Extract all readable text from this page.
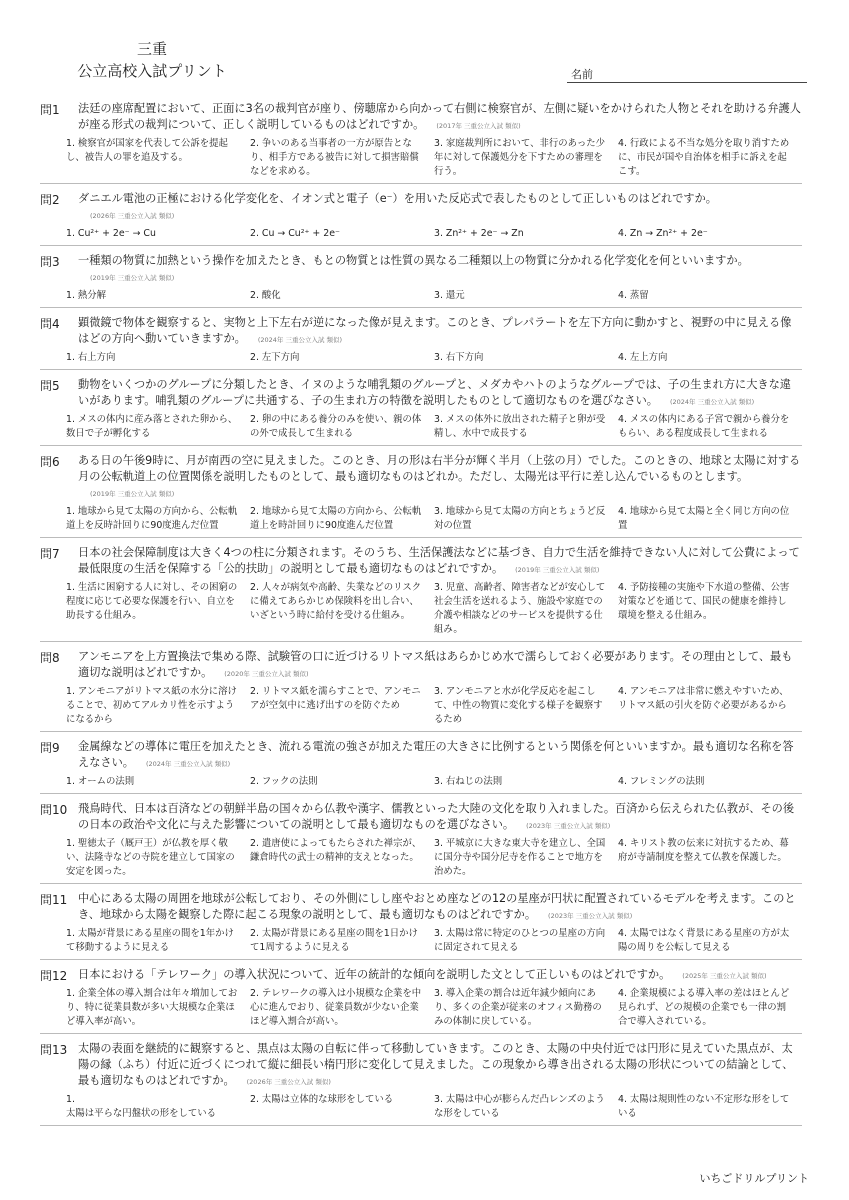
三重
公立高校入試プリント	名前
問1	法廷の座席配置において、正面に3名の裁判官が座り、傍聴席から向かって右側に検察官が、左側に疑いをかけられた人物とそれを助ける弁護人が座る形式の裁判について、正しく説明しているものはどれですか。 (2017年 三重公立入試 類似)
1. 検察官が国家を代表して公訴を提起し、被告人の罪を追及する。
2. 争いのある当事者の一方が原告となり、相手方である被告に対して損害賠償などを求める。
3. 家庭裁判所において、非行のあった少年に対して保護処分を下すための審理を行う。
4. 行政による不当な処分を取り消すために、市民が国や自治体を相手に訴えを起こす。
問2	ダニエル電池の正極における化学変化を、イオン式と電子（e⁻）を用いた反応式で表したものとして正しいものはどれですか。(2026年 三重公立入試 類似)
1. Cu²⁺ + 2e⁻ → Cu	2. Cu → Cu²⁺ + 2e⁻	3. Zn²⁺ + 2e⁻ → Zn	4. Zn → Zn²⁺ + 2e⁻
問3	一種類の物質に加熱という操作を加えたとき、もとの物質とは性質の異なる二種類以上の物質に分かれる化学変化を何といいますか。(2019年 三重公立入試 類似)
1. 熱分解	2. 酸化	3. 還元	4. 蒸留
問4	顕微鏡で物体を観察すると、実物と上下左右が逆になった像が見えます。このとき、プレパラートを左下方向に動かすと、視野の中に見える像はどの方向へ動いていきますか。 (2024年 三重公立入試 類似)
1. 右上方向	2. 左下方向	3. 右下方向	4. 左上方向
問5	動物をいくつかのグループに分類したとき、イヌのような哺乳類のグループと、メダカやハトのようなグループでは、子の生まれ方に大きな違いがあります。哺乳類のグループに共通する、子の生まれ方の特徴を説明したものとして適切なものを選びなさい。 (2024年 三重公立入試 類似)
1. メスの体内に産み落とされた卵から、数日で子が孵化する
2. 卵の中にある養分のみを使い、親の体の外で成長して生まれる
3. メスの体外に放出された精子と卵が受精し、水中で成長する
4. メスの体内にある子宮で親から養分をもらい、ある程度成長して生まれる
問6	ある日の午後9時に、月が南西の空に見えました。このとき、月の形は右半分が輝く半月（上弦の月）でした。このときの、地球と太陽に対する月の公転軌道上の位置関係を説明したものとして、最も適切なものはどれか。ただし、太陽光は平行に差し込んでいるものとします。(2019年 三重公立入試 類似)
1. 地球から見て太陽の方向から、公転軌道上を反時計回りに90度進んだ位置
2. 地球から見て太陽の方向から、公転軌道上を時計回りに90度進んだ位置
3. 地球から見て太陽の方向とちょうど反対の位置
4. 地球から見て太陽と全く同じ方向の位置
問7	日本の社会保障制度は大きく4つの柱に分類されます。そのうち、生活保護法などに基づき、自力で生活を維持できない人に対して公費によって最低限度の生活を保障する「公的扶助」の説明として最も適切なものはどれですか。 (2019年 三重公立入試 類似)
1. 生活に困窮する人に対し、その困窮の程度に応じて必要な保護を行い、自立を助長する仕組み。
2. 人々が病気や高齢、失業などのリスクに備えてあらかじめ保険料を出し合い、いざという時に給付を受ける仕組み。
3. 児童、高齢者、障害者などが安心して社会生活を送れるよう、施設や家庭での介護や相談などのサービスを提供する仕組み。
4. 予防接種の実施や下水道の整備、公害対策などを通じて、国民の健康を維持し環境を整える仕組み。
問8	アンモニアを上方置換法で集める際、試験管の口に近づけるリトマス紙はあらかじめ水で濡らしておく必要があります。その理由として、最も適切な説明はどれですか。 (2020年 三重公立入試 類似)
1. アンモニアがリトマス紙の水分に溶けることで、初めてアルカリ性を示すようになるから
2. リトマス紙を濡らすことで、アンモニアが空気中に逃げ出すのを防ぐため
3. アンモニアと水が化学反応を起こして、中性の物質に変化する様子を観察するため
4. アンモニアは非常に燃えやすいため、リトマス紙の引火を防ぐ必要があるから
問9	金属線などの導体に電圧を加えたとき、流れる電流の強さが加えた電圧の大きさに比例するという関係を何といいますか。最も適切な名称を答えなさい。 (2024年 三重公立入試 類似)
1. オームの法則	2. フックの法則	3. 右ねじの法則	4. フレミングの法則
問10 飛鳥時代、日本は百済などの朝鮮半島の国々から仏教や漢字、儒教といった大陸の文化を取り入れました。百済から伝えられた仏教が、その後の日本の政治や文化に与えた影響についての説明として最も適切なものを選びなさい。 (2023年 三重公立入試 類似)
1. 聖徳太子（厩戸王）が仏教を厚く敬い、法隆寺などの寺院を建立して国家の安定を図った。
2. 遣唐使によってもたらされた禅宗が、鎌倉時代の武士の精神的支えとなった。
3. 平城京に大きな東大寺を建立し、全国に国分寺や国分尼寺を作ることで地方を治めた。
4. キリスト教の伝来に対抗するため、幕府が寺請制度を整えて仏教を保護した。
問11 中心にある太陽の周囲を地球が公転しており、その外側にしし座やおとめ座などの12の星座が円状に配置されているモデルを考えます。このとき、地球から太陽を観察した際に起こる現象の説明として、最も適切なものはどれですか。 (2023年 三重公立入試 類似)
1. 太陽が背景にある星座の間を1年かけて移動するように見える
2. 太陽が背景にある星座の間を1日かけて1周するように見える
3. 太陽は常に特定のひとつの星座の方向に固定されて見える
4. 太陽ではなく背景にある星座の方が太陽の周りを公転して見える
問12 日本における「テレワーク」の導入状況について、近年の統計的な傾向を説明した文として正しいものはどれですか。 (2025年 三重公立入試 類似)
1. 企業全体の導入割合は年々増加しており、特に従業員数が多い大規模な企業ほど導入率が高い。
2. テレワークの導入は小規模な企業を中心に進んでおり、従業員数が少ない企業ほど導入割合が高い。
3. 導入企業の割合は近年減少傾向にあり、多くの企業が従来のオフィス勤務のみの体制に戻している。
4. 企業規模による導入率の差はほとんど見られず、どの規模の企業でも一律の割合で導入されている。
問13 太陽の表面を継続的に観察すると、黒点は太陽の自転に伴って移動していきます。このとき、太陽の中央付近では円形に見えていた黒点が、太陽の縁（ふち）付近に近づくにつれて縦に細長い楕円形に変化して見えました。この現象から導き出される太陽の形状についての結論として、最も適切なものはどれですか。 (2026年 三重公立入試 類似)
1.
太陽は平らな円盤状の形をしている
2. 太陽は立体的な球形をしている	3. 太陽は中心が膨らんだ凸レンズのような形をしている
4. 太陽は規則性のない不定形な形をしている
いちごドリルプリント
